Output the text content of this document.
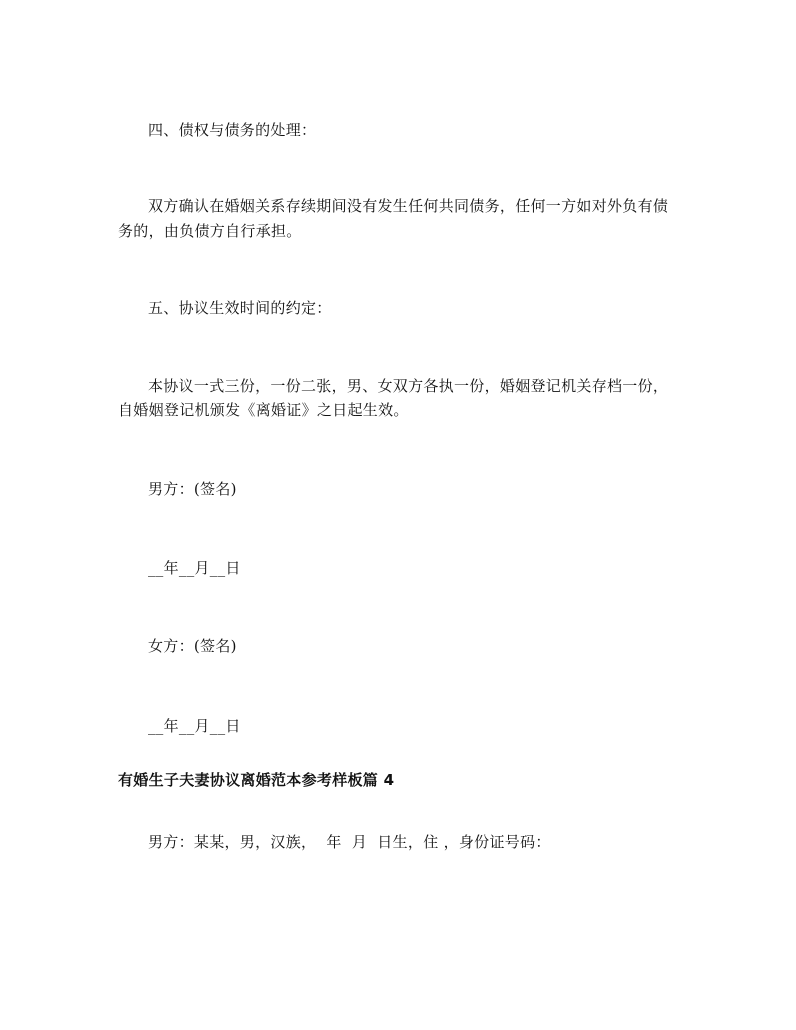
四、债权与债务的处理：
双方确认在婚姻关系存续期间没有发生任何共同债务，任何一方如对外负有债
务的，由负债方自行承担。
五、协议生效时间的约定：
本协议一式三份，一份二张，男、女双方各执一份，婚姻登记机关存档一份，
自婚姻登记机颁发《离婚证》之日起生效。
男方：(签名)
__年__月__日
女方：(签名)
__年__月__日
有婚生子夫妻协议离婚范本参考样板篇 4
男方：某某，男，汉族，  年  月  日生，住 ，身份证号码：
